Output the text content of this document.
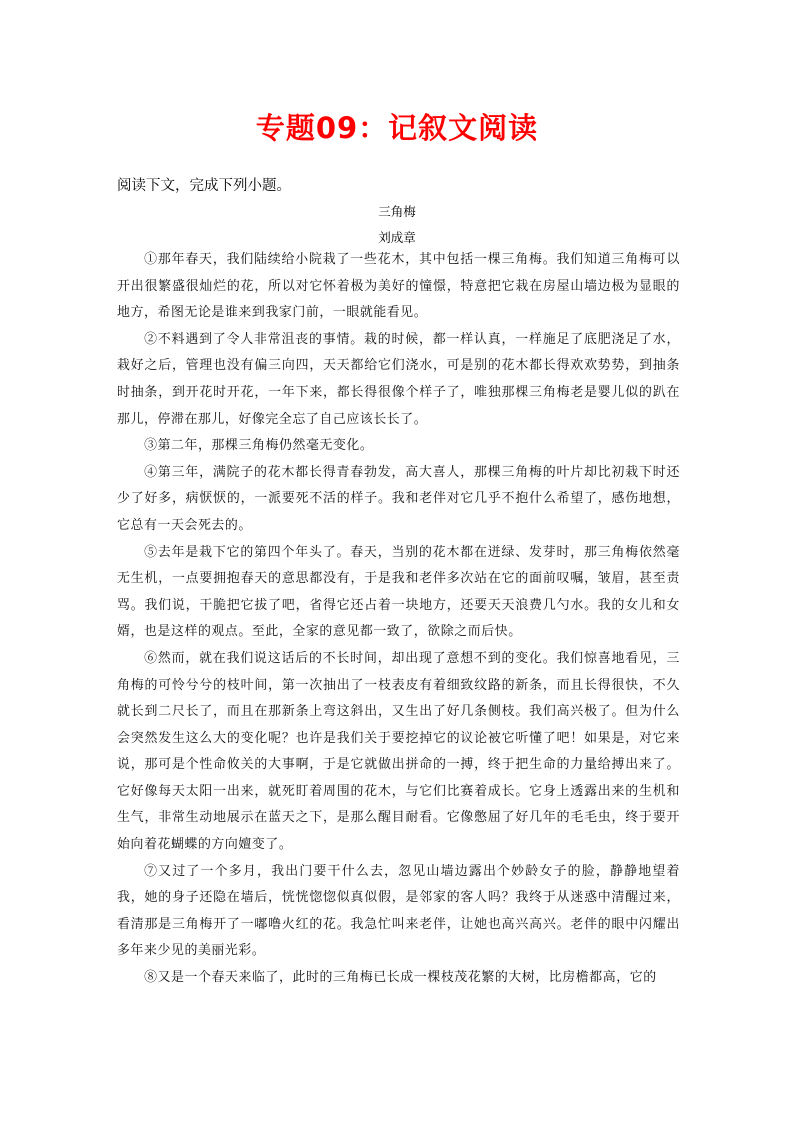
专题09：记叙文阅读
阅读下文，完成下列小题。
三角梅
刘成章

①那年春天，我们陆续给小院栽了一些花木，其中包括一棵三角梅。我们知道三角梅可以开出很繁盛很灿烂的花，所以对它怀着极为美好的憧憬，特意把它栽在房屋山墙边极为显眼的地方，希图无论是谁来到我家门前，一眼就能看见。

②不料遇到了令人非常沮丧的事情。栽的时候，都一样认真，一样施足了底肥浇足了水，栽好之后，管理也没有偏三向四，天天都给它们浇水，可是别的花木都长得欢欢势势，到抽条时抽条，到开花时开花，一年下来，都长得很像个样子了，唯独那棵三角梅老是婴儿似的趴在那儿，停滞在那儿，好像完全忘了自己应该长长了。

③第二年，那棵三角梅仍然毫无变化。

④第三年，满院子的花木都长得青春勃发，高大喜人，那棵三角梅的叶片却比初栽下时还少了好多，病恹恹的，一派要死不活的样子。我和老伴对它几乎不抱什么希望了，感伤地想，它总有一天会死去的。

⑤去年是栽下它的第四个年头了。春天，当别的花木都在迸绿、发芽时，那三角梅依然毫无生机，一点要拥抱春天的意思都没有，于是我和老伴多次站在它的面前叹嘱，皱眉，甚至责骂。我们说，干脆把它拔了吧，省得它还占着一块地方，还要天天浪费几勺水。我的女儿和女婿，也是这样的观点。至此，全家的意见都一致了，欲除之而后快。

⑥然而，就在我们说这话后的不长时间，却出现了意想不到的变化。我们惊喜地看见，三角梅的可怜兮兮的枝叶间，第一次抽出了一枝表皮有着细致纹路的新条，而且长得很快，不久就长到二尺长了，而且在那新条上弯这斜出，又生出了好几条侧枝。我们高兴极了。但为什么会突然发生这么大的变化呢？也许是我们关于要挖掉它的议论被它听懂了吧！如果是，对它来说，那可是个性命攸关的大事啊，于是它就做出拼命的一搏，终于把生命的力量给搏出来了。它好像每天太阳一出来，就死盯着周围的花木，与它们比赛着成长。它身上透露出来的生机和生气，非常生动地展示在蓝天之下，是那么醒目耐看。它像憋屈了好几年的毛毛虫，终于要开始向着花蝴蝶的方向嬗变了。

⑦又过了一个多月，我出门要干什么去，忽见山墙边露出个妙龄女子的脸，静静地望着我，她的身子还隐在墙后，恍恍惚惚似真似假，是邻家的客人吗？我终于从迷惑中清醒过来，看清那是三角梅开了一嘟噜火红的花。我急忙叫来老伴，让她也高兴高兴。老伴的眼中闪耀出多年来少见的美丽光彩。

⑧又是一个春天来临了，此时的三角梅已长成一棵枝茂花繁的大树，比房檐都高，它的
